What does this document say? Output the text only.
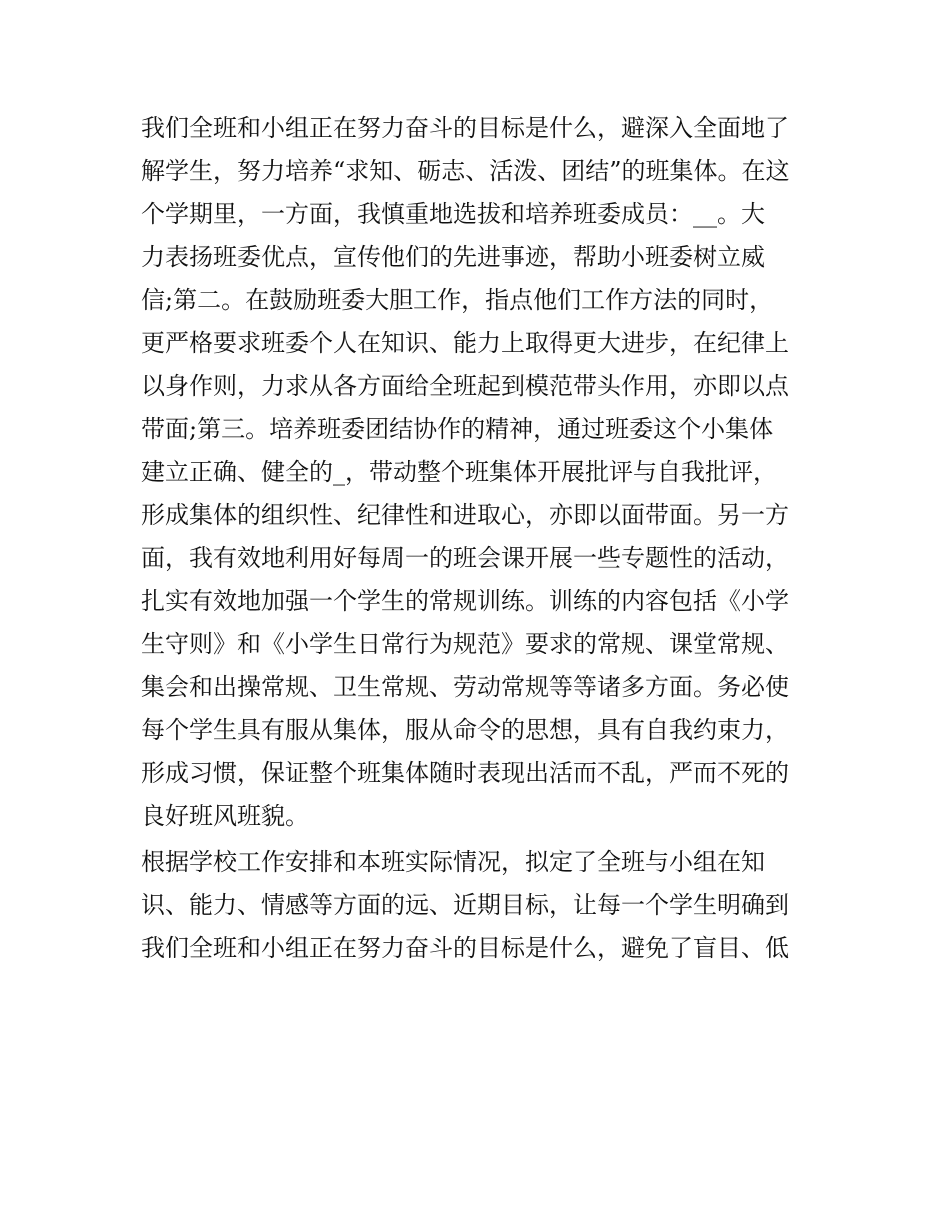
我们全班和小组正在努力奋斗的目标是什么，避深入全面地了

解学生，努力培养“求知、砺志、活泼、团结”的班集体。在这

个学期里，一方面，我慎重地选拔和培养班委成员：__。大

力表扬班委优点，宣传他们的先进事迹，帮助小班委树立威

信;第二。在鼓励班委大胆工作，指点他们工作方法的同时，

更严格要求班委个人在知识、能力上取得更大进步，在纪律上

以身作则，力求从各方面给全班起到模范带头作用，亦即以点

带面;第三。培养班委团结协作的精神，通过班委这个小集体

建立正确、健全的_，带动整个班集体开展批评与自我批评，

形成集体的组织性、纪律性和进取心，亦即以面带面。另一方

面，我有效地利用好每周一的班会课开展一些专题性的活动，

扎实有效地加强一个学生的常规训练。训练的内容包括《小学

生守则》和《小学生日常行为规范》要求的常规、课堂常规、

集会和出操常规、卫生常规、劳动常规等等诸多方面。务必使

每个学生具有服从集体，服从命令的思想，具有自我约束力，

形成习惯，保证整个班集体随时表现出活而不乱，严而不死的

良好班风班貌。

根据学校工作安排和本班实际情况，拟定了全班与小组在知

识、能力、情感等方面的远、近期目标，让每一个学生明确到

我们全班和小组正在努力奋斗的目标是什么，避免了盲目、低
